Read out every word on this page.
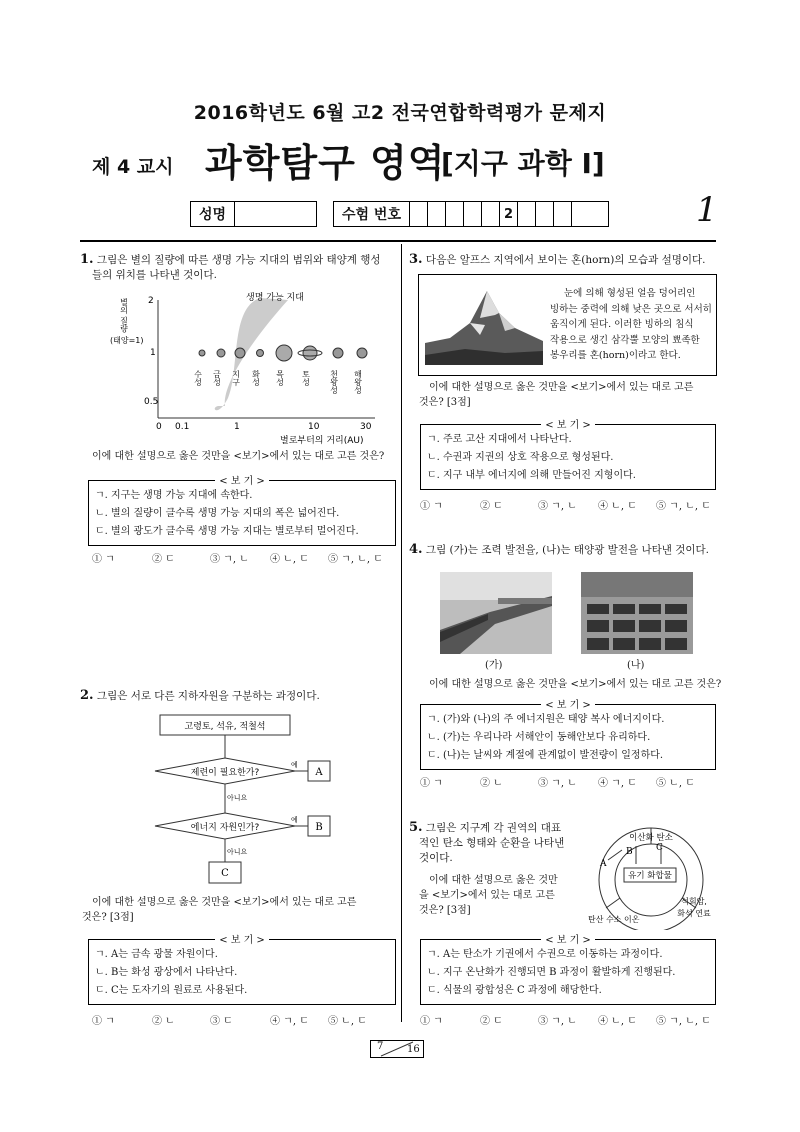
2016학년도 6월 고2 전국연합학력평가 문제지
제 4 교시 과학탐구 영역
[지구 과학 Ⅰ]
성명	수험 번호	2	1
1. 그림은 별의 질량에 따른 생명 가능 지대의 범위와 태양계 행성
들의 위치를 나타낸 것이다.
2
1
0.5
0 0.1	1	10	30
생명 가능 지대
별로부터의 거리(AU)
(태양=1)
별의 질량
수성 금성 지구 화성 목성 토성 천왕성 해왕성
이에 대한 설명으로 옳은 것만을 <보기>에서 있는 대로 고른 것은?
< 보 기 >
ㄱ. 지구는 생명 가능 지대에 속한다.
ㄴ. 별의 질량이 클수록 생명 가능 지대의 폭은 넓어진다.
ㄷ. 별의 광도가 클수록 생명 가능 지대는 별로부터 멀어진다.
① ㄱ	② ㄷ	③ ㄱ, ㄴ	④ ㄴ, ㄷ	⑤ ㄱ, ㄴ, ㄷ
2. 그림은 서로 다른 지하자원을 구분하는 과정이다.
고령토, 석유, 적철석
제련이 필요한가?
예
A
아니요
에너지 자원인가?
예
B
아니요
C
이에 대한 설명으로 옳은 것만을 <보기>에서 있는 대로 고른
것은? [3점]
< 보 기 >
ㄱ. A는 금속 광물 자원이다.
ㄴ. B는 화성 광상에서 나타난다.
ㄷ. C는 도자기의 원료로 사용된다.
① ㄱ	② ㄴ	③ ㄷ	④ ㄱ, ㄷ	⑤ ㄴ, ㄷ
3. 다음은 알프스 지역에서 보이는 혼(horn)의 모습과 설명이다.
눈에 의해 형성된 얼음 덩어리인
빙하는 중력에 의해 낮은 곳으로 서서히
움직이게 된다. 이러한 빙하의 침식
작용으로 생긴 삼각뿔 모양의 뾰족한
봉우리를 혼(horn)이라고 한다.
이에 대한 설명으로 옳은 것만을 <보기>에서 있는 대로 고른
것은? [3점]
< 보 기 >
ㄱ. 주로 고산 지대에서 나타난다.
ㄴ. 수권과 지권의 상호 작용으로 형성된다.
ㄷ. 지구 내부 에너지에 의해 만들어진 지형이다.
① ㄱ	② ㄷ	③ ㄱ, ㄴ	④ ㄴ, ㄷ	⑤ ㄱ, ㄴ, ㄷ
4. 그림 (가)는 조력 발전을, (나)는 태양광 발전을 나타낸 것이다.
(가)	(나)
이에 대한 설명으로 옳은 것만을 <보기>에서 있는 대로 고른 것은?
< 보 기 >
ㄱ. (가)와 (나)의 주 에너지원은 태양 복사 에너지이다.
ㄴ. (가)는 우리나라 서해안이 동해안보다 유리하다.
ㄷ. (나)는 날씨와 계절에 관계없이 발전량이 일정하다.
① ㄱ	② ㄴ	③ ㄱ, ㄴ	④ ㄱ, ㄷ	⑤ ㄴ, ㄷ
5. 그림은 지구계 각 권역의 대표
적인 탄소 형태와 순환을 나타낸
것이다.
이에 대한 설명으로 옳은 것만
을 <보기>에서 있는 대로 고른
것은? [3점]
이산화 탄소
유기 화합물
탄산 수소 이온
석회암,
화석 연료
A
B	C
< 보 기 >
ㄱ. A는 탄소가 기권에서 수권으로 이동하는 과정이다.
ㄴ. 지구 온난화가 진행되면 B 과정이 활발하게 진행된다.
ㄷ. 식물의 광합성은 C 과정에 해당한다.
① ㄱ	② ㄷ	③ ㄱ, ㄴ	④ ㄴ, ㄷ	⑤ ㄱ, ㄴ, ㄷ
7 16
